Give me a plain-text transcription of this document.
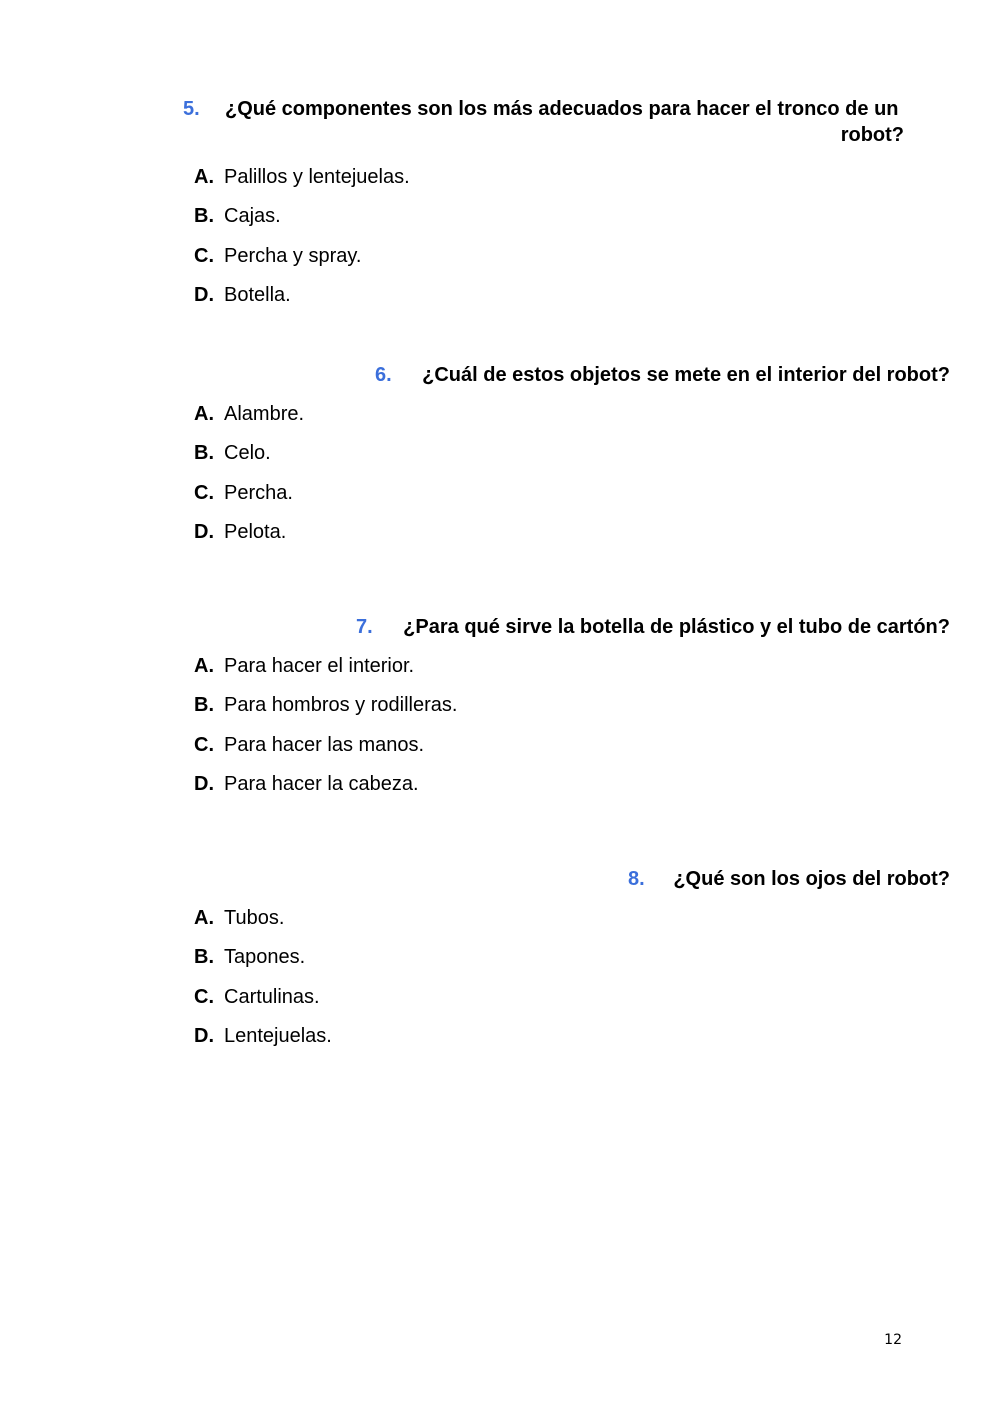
5. ¿Qué componentes son los más adecuados para hacer el tronco de un
robot?
A. Palillos y lentejuelas.
B. Cajas.
C. Percha y spray.
D. Botella.
6. ¿Cuál de estos objetos se mete en el interior del robot?
A. Alambre.
B. Celo.
C. Percha.
D. Pelota.
7. ¿Para qué sirve la botella de plástico y el tubo de cartón?
A. Para hacer el interior.
B. Para hombros y rodilleras.
C. Para hacer las manos.
D. Para hacer la cabeza.
8. ¿Qué son los ojos del robot?
A. Tubos.
B. Tapones.
C. Cartulinas.
D. Lentejuelas.
12
